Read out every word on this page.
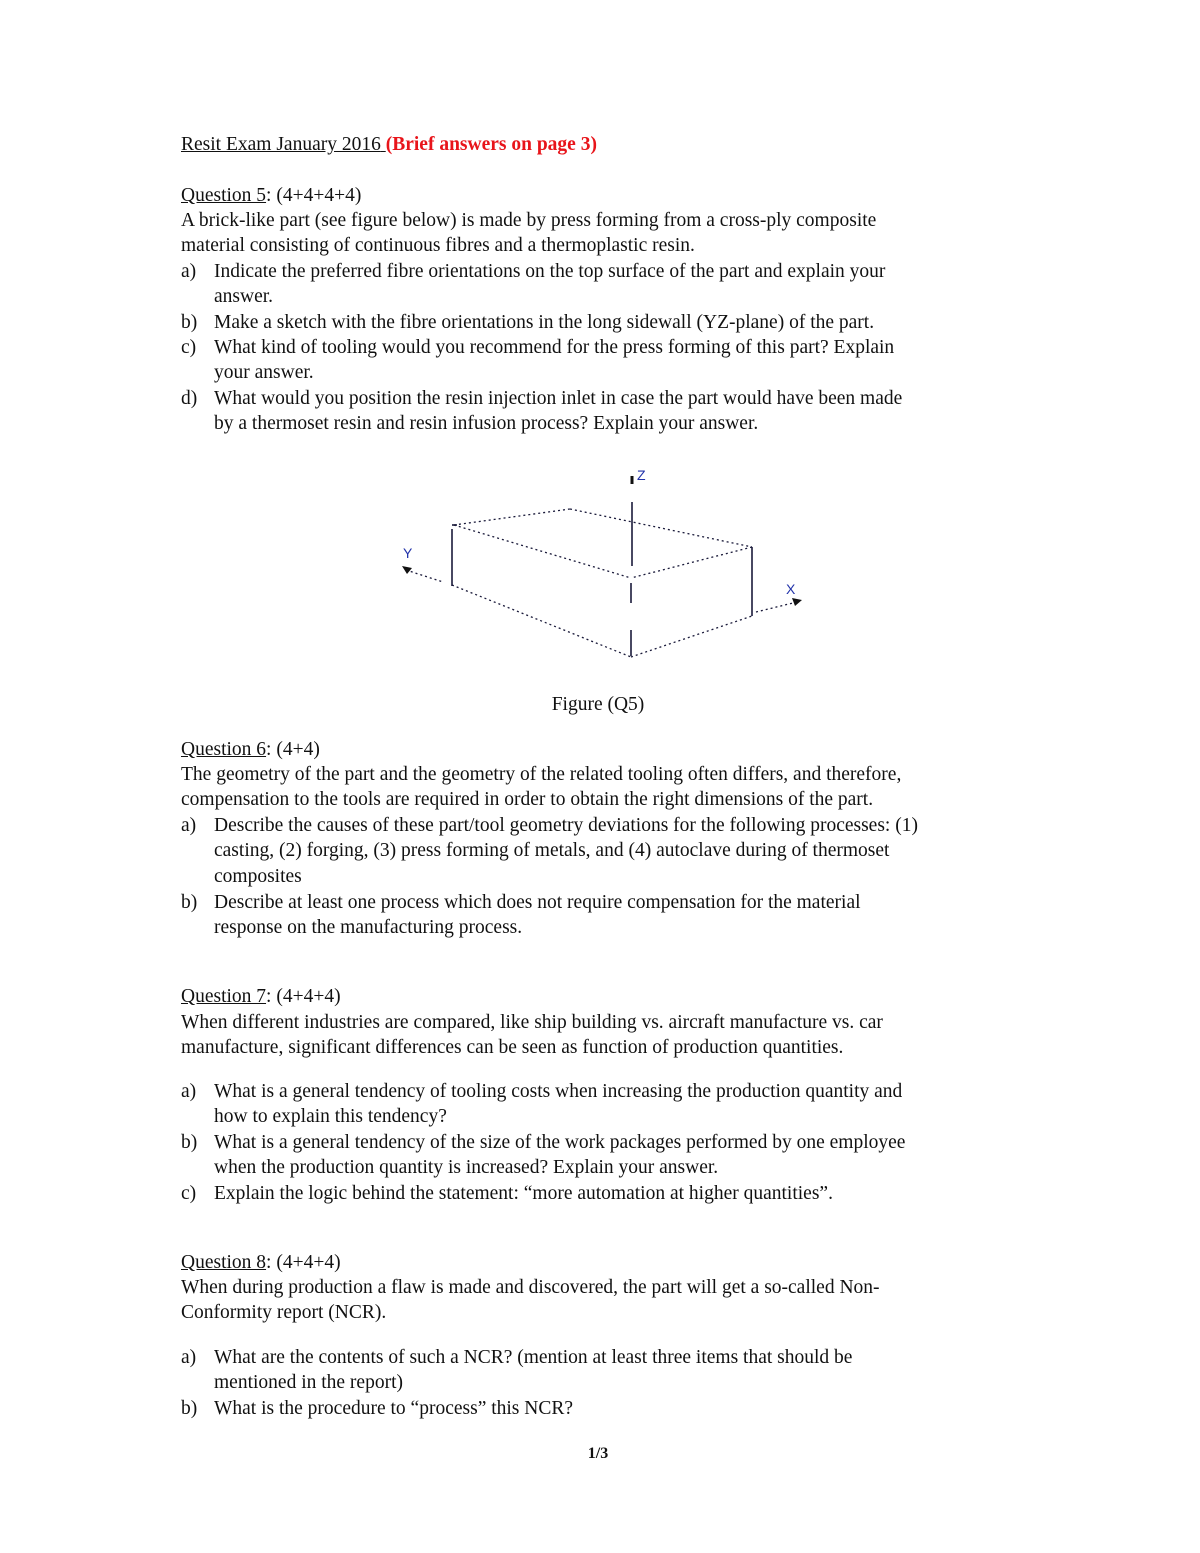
Resit Exam January 2016 (Brief answers on page 3)
Question 5: (4+4+4+4)
A brick-like part (see figure below) is made by press forming from a cross-ply composite
material consisting of continuous fibres and a thermoplastic resin.
a) Indicate the preferred fibre orientations on the top surface of the part and explain your
answer.
b) Make a sketch with the fibre orientations in the long sidewall (YZ-plane) of the part.
c) What kind of tooling would you recommend for the press forming of this part? Explain
your answer.
d) What would you position the resin injection inlet in case the part would have been made
by a thermoset resin and resin infusion process? Explain your answer.
Z
Y
X
Figure (Q5)
Question 6: (4+4)
The geometry of the part and the geometry of the related tooling often differs, and therefore,
compensation to the tools are required in order to obtain the right dimensions of the part.
a) Describe the causes of these part/tool geometry deviations for the following processes: (1)
casting, (2) forging, (3) press forming of metals, and (4) autoclave during of thermoset
composites
b) Describe at least one process which does not require compensation for the material
response on the manufacturing process.
Question 7: (4+4+4)
When different industries are compared, like ship building vs. aircraft manufacture vs. car
manufacture, significant differences can be seen as function of production quantities.
a) What is a general tendency of tooling costs when increasing the production quantity and
how to explain this tendency?
b) What is a general tendency of the size of the work packages performed by one employee
when the production quantity is increased? Explain your answer.
c) Explain the logic behind the statement: “more automation at higher quantities”.
Question 8: (4+4+4)
When during production a flaw is made and discovered, the part will get a so-called Non-
Conformity report (NCR).
a) What are the contents of such a NCR? (mention at least three items that should be
mentioned in the report)
b) What is the procedure to “process” this NCR?
1/3
